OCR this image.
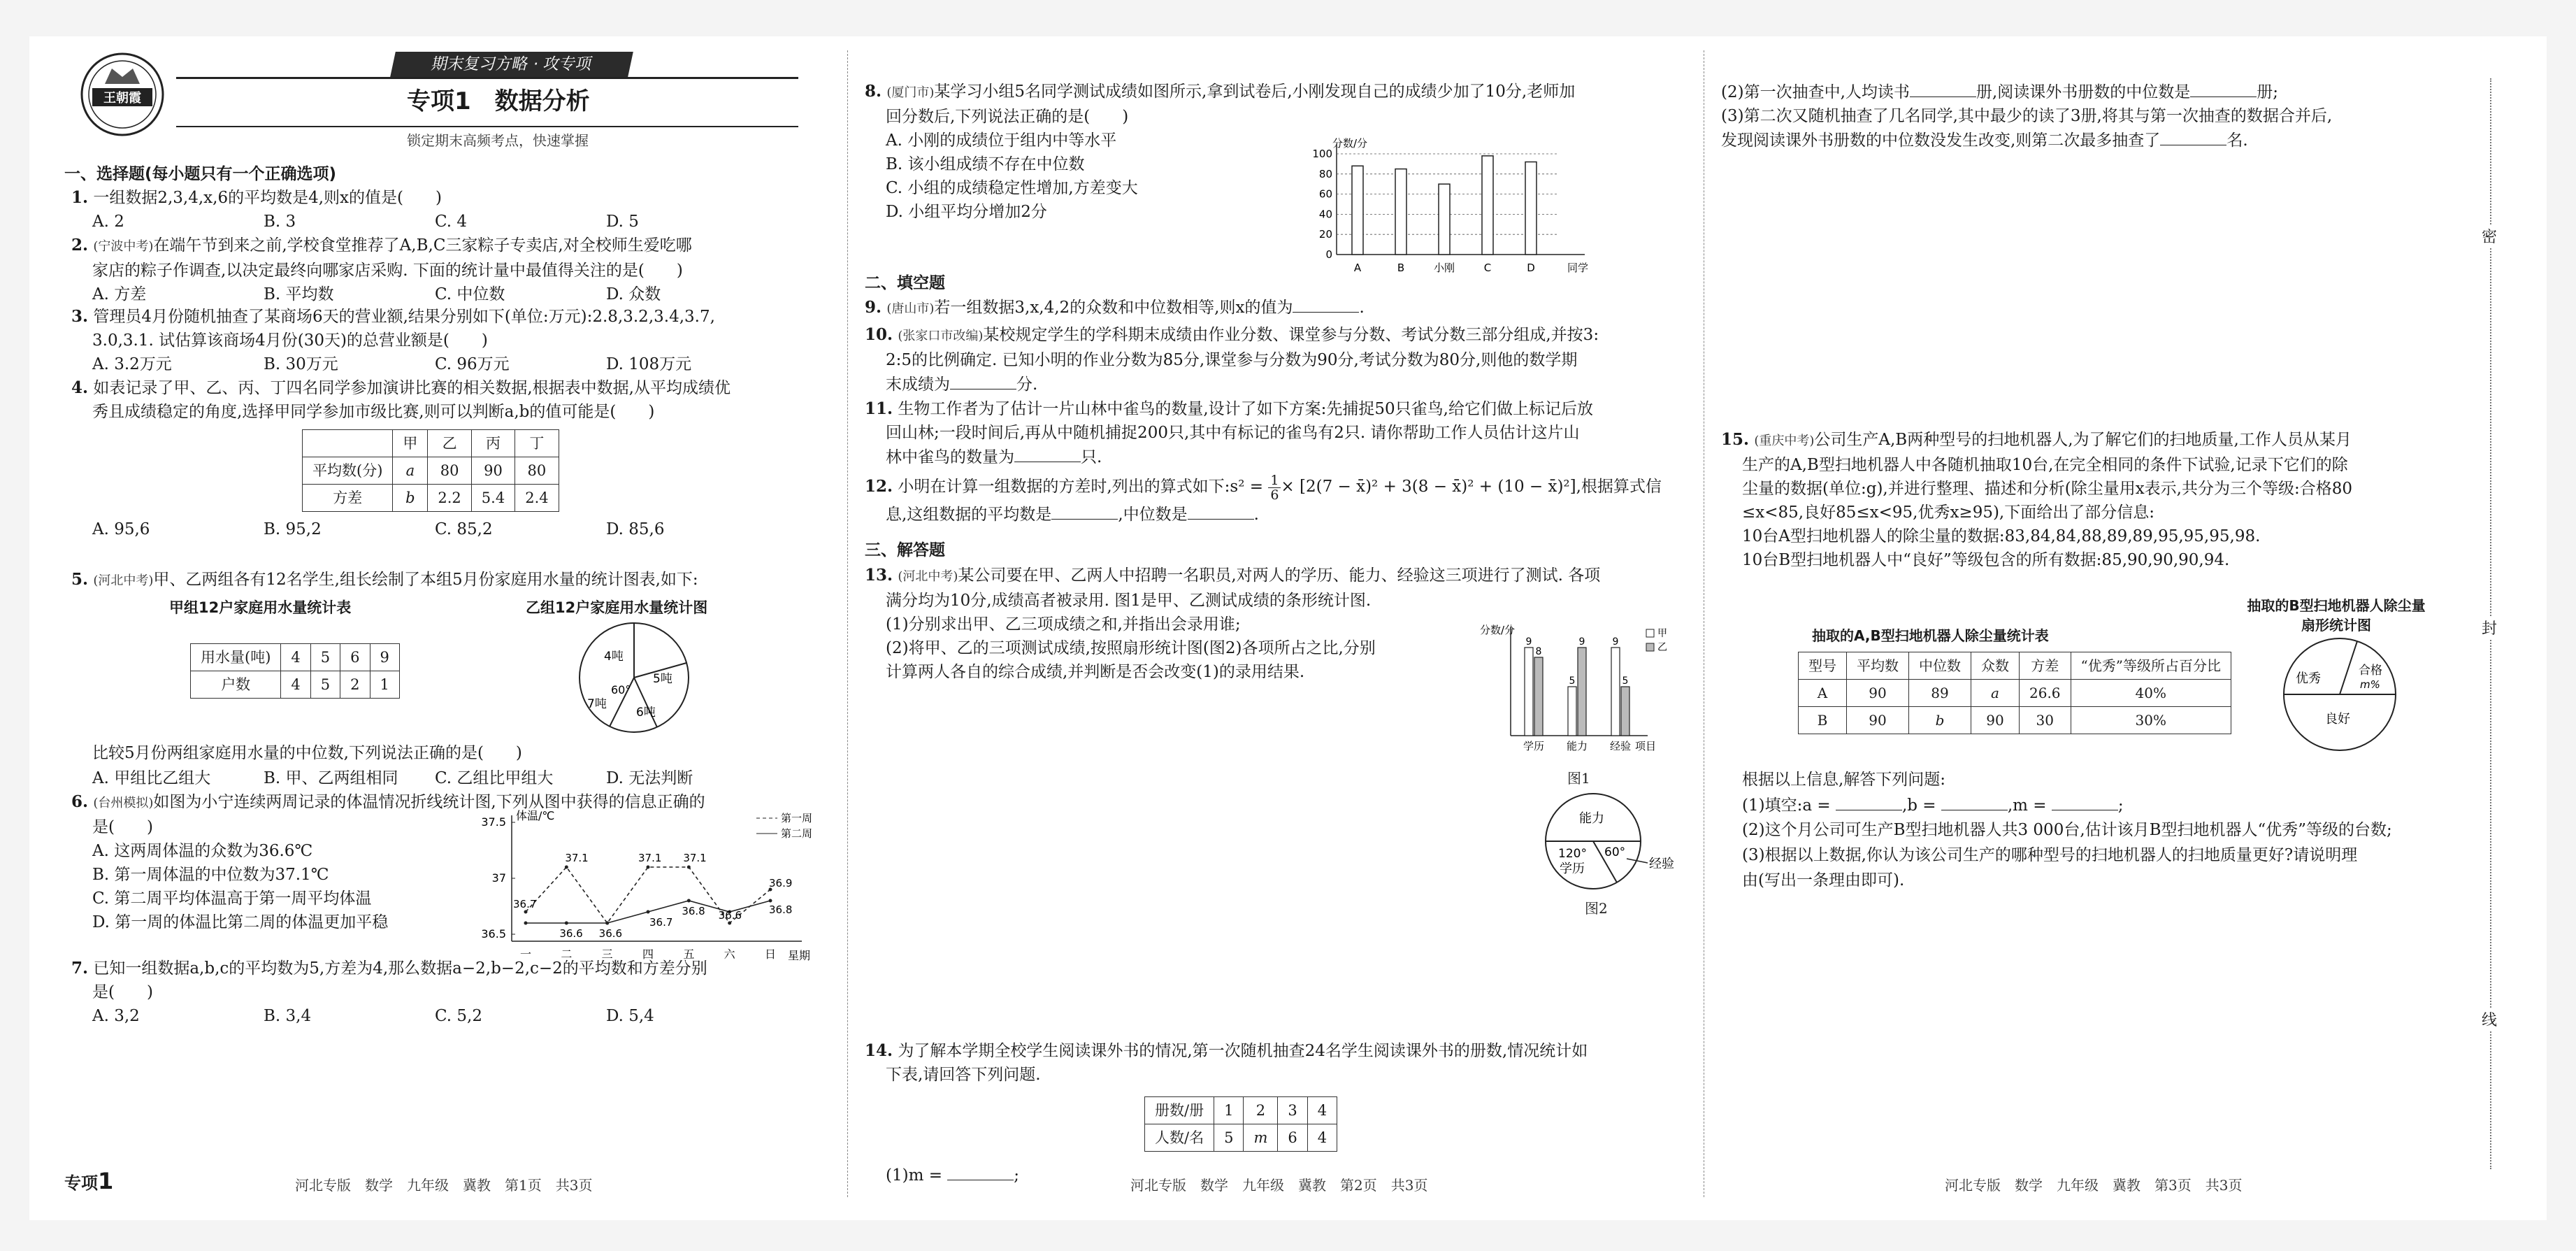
王朝霞
期末复习方略 · 攻专项
专项1　数据分析
锁定期末高频考点，快速掌握
一、选择题(每小题只有一个正确选项)

1. 一组数据2,3,4,x,6的平均数是4,则x的值是(　　)

A. 2	B. 3	C. 4	D. 5

2. (宁波中考)在端午节到来之前,学校食堂推荐了A,B,C三家粽子专卖店,对全校师生爱吃哪

家店的粽子作调查,以决定最终向哪家店采购. 下面的统计量中最值得关注的是(　　)

A. 方差	B. 平均数	C. 中位数	D. 众数

3. 管理员4月份随机抽查了某商场6天的营业额,结果分别如下(单位:万元):2.8,3.2,3.4,3.7,

3.0,3.1. 试估算该商场4月份(30天)的总营业额是(　　)

A. 3.2万元	B. 30万元	C. 96万元	D. 108万元

4. 如表记录了甲、乙、丙、丁四名同学参加演讲比赛的相关数据,根据表中数据,从平均成绩优

秀且成绩稳定的角度,选择甲同学参加市级比赛,则可以判断a,b的值可能是(　　)

	甲	乙	丙	丁
平均数(分)	a	80	90	80
方差	b	2.2	5.4	2.4
A. 95,6	B. 95,2	C. 85,2	D. 85,6

5. (河北中考)甲、乙两组各有12名学生,组长绘制了本组5月份家庭用水量的统计图表,如下:

甲组12户家庭用水量统计表	乙组12户家庭用水量统计图
用水量(吨)	4	5	6	9
户数	4	5	2	1
4吨
5吨
6吨
7吨
60°

比较5月份两组家庭用水量的中位数,下列说法正确的是(　　)

A. 甲组比乙组大	B. 甲、乙两组相同	C. 乙组比甲组大	D. 无法判断

6. (台州模拟)如图为小宁连续两周记录的体温情况折线统计图,下列从图中获得的信息正确的

是(　　)

A. 这两周体温的众数为36.6℃

B. 第一周体温的中位数为37.1℃

C. 第二周平均体温高于第一周平均体温

D. 第一周的体温比第二周的体温更加平稳

体温/℃
星期
36.5
37
37.5
一	二	三	四	五	六	日
36.7
37.1
36.6 36.6
37.1 37.1
36.7
36.8 36.6
36.9
36.8
第一周
第二周

7. 已知一组数据a,b,c的平均数为5,方差为4,那么数据a−2,b−2,c−2的平均数和方差分别

是(　　)

A. 3,2	B. 3,4	C. 5,2	D. 5,4
专项1	河北专版　数学　九年级　冀教　第1页　共3页

8. (厦门市)某学习小组5名同学测试成绩如图所示,拿到试卷后,小刚发现自己的成绩少加了10分,老师加

回分数后,下列说法正确的是(　　)

A. 小刚的成绩位于组内中等水平

B. 该小组成绩不存在中位数

C. 小组的成绩稳定性增加,方差变大

D. 小组平均分增加2分

分数/分
0
20
40
60
80
100
A	B	小刚	C	D	同学
二、填空题

9. (唐山市)若一组数据3,x,4,2的众数和中位数相等,则x的值为	.

10. (张家口市改编)某校规定学生的学科期末成绩由作业分数、课堂参与分数、考试分数三部分组成,并按3:

2:5的比例确定. 已知小明的作业分数为85分,课堂参与分数为90分,考试分数为80分,则他的数学期

末成绩为	分.

11. 生物工作者为了估计一片山林中雀鸟的数量,设计了如下方案:先捕捉50只雀鸟,给它们做上标记后放

回山林;一段时间后,再从中随机捕捉200只,其中有标记的雀鸟有2只. 请你帮助工作人员估计这片山

林中雀鸟的数量为	只.

12. 小明在计算一组数据的方差时,列出的算式如下:s² = $\frac{1}{6} \times [2(7$ − x̄)² + 3(8 − x̄)² + (10 − x̄)²],根据算式信

息,这组数据的平均数是	,中位数是	.

三、解答题

13. (河北中考)某公司要在甲、乙两人中招聘一名职员,对两人的学历、能力、经验这三项进行了测试. 各项

满分均为10分,成绩高者被录用. 图1是甲、乙测试成绩的条形统计图.

(1)分别求出甲、乙三项成绩之和,并指出会录用谁;

(2)将甲、乙的三项测试成绩,按照扇形统计图(图2)各项所占之比,分别

计算两人各自的综合成绩,并判断是否会改变(1)的录用结果.

分数/分
9
8
学历
5
9
能力
9
5
经验 项目
甲
乙
图1
能力
学历	经验
120° 60°
图2

14. 为了解本学期全校学生阅读课外书的情况,第一次随机抽查24名学生阅读课外书的册数,情况统计如

下表,请回答下列问题.

册数/册	1	2	3	4
人数/名	5	m	6	4

(1)m =	;

河北专版　数学　九年级　冀教　第2页　共3页

(2)第一次抽查中,人均读书	册,阅读课外书册数的中位数是	册;

(3)第二次又随机抽查了几名同学,其中最少的读了3册,将其与第一次抽查的数据合并后,

发现阅读课外书册数的中位数没发生改变,则第二次最多抽查了	名.

15. (重庆中考)公司生产A,B两种型号的扫地机器人,为了解它们的扫地质量,工作人员从某月

生产的A,B型扫地机器人中各随机抽取10台,在完全相同的条件下试验,记录下它们的除

尘量的数据(单位:g),并进行整理、描述和分析(除尘量用x表示,共分为三个等级:合格80

≤x<85,良好85≤x<95,优秀x≥95),下面给出了部分信息:

10台A型扫地机器人的除尘量的数据:83,84,84,88,89,89,95,95,95,98.

10台B型扫地机器人中“良好”等级包含的所有数据:85,90,90,90,94.

抽取的B型扫地机器人除尘量
扇形统计图
抽取的A,B型扫地机器人除尘量统计表
型号	平均数	中位数	众数	方差	“优秀”等级所占百分比
A	90	89	a	26.6	40%
B	90	b	90	30	30%
优秀
合格
m%
良好

根据以上信息,解答下列问题:

(1)填空:a =	,b =	,m =	;

(2)这个月公司可生产B型扫地机器人共3 000台,估计该月B型扫地机器人“优秀”等级的台数;

(3)根据以上数据,你认为该公司生产的哪种型号的扫地机器人的扫地质量更好?请说明理

由(写出一条理由即可).

河北专版　数学　九年级　冀教　第3页　共3页
密
封
线
